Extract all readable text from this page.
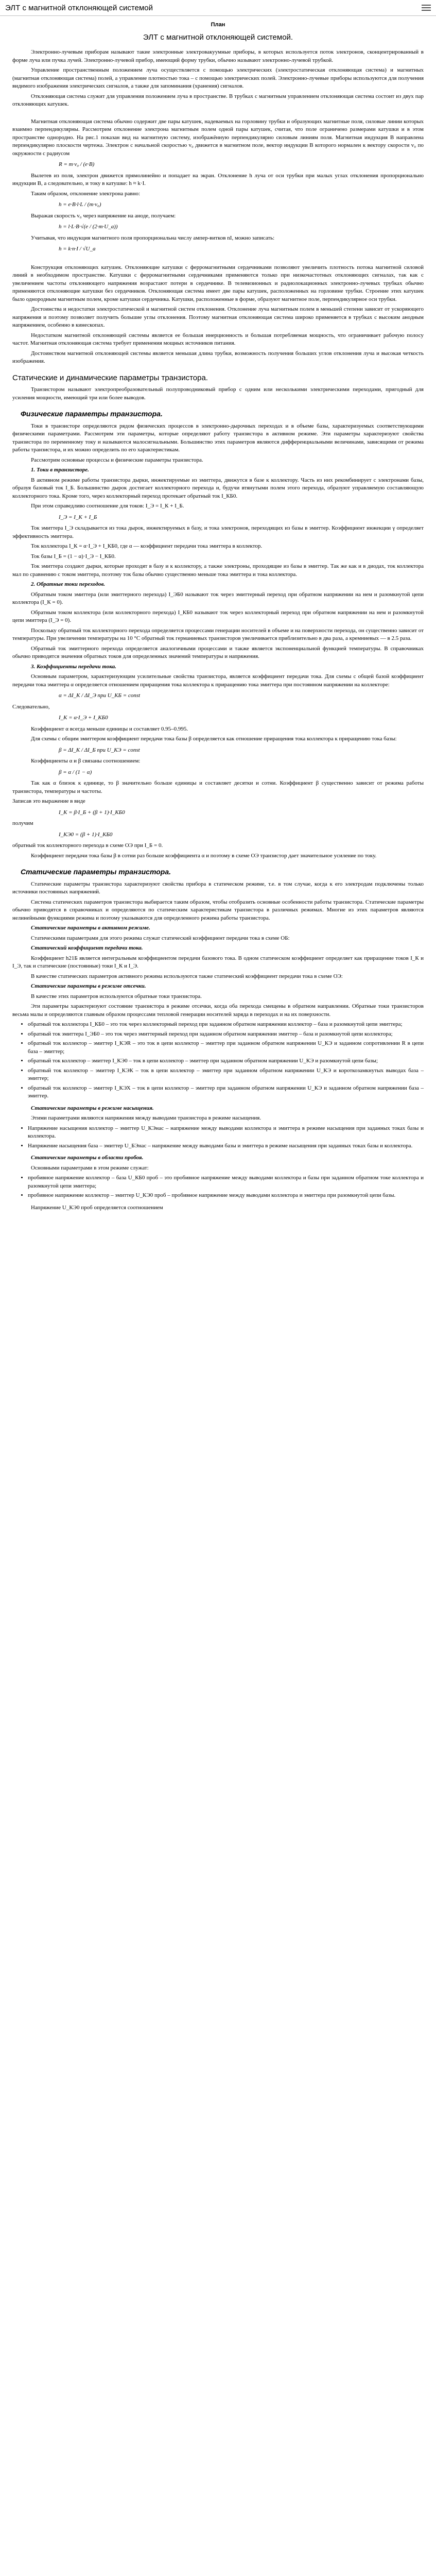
ЭЛТ с магнитной отклоняющей системой
План
ЭЛТ с магнитной отклоняющей системой.

Электронно-лучевым приборам называют такие электронные электровакуумные приборы, в которых используется поток электронов, сконцентрированный в форме луча или пучка лучей. Электронно-лучевой прибор, имеющий форму трубки, обычно называют электронно-лучевой трубкой.

Управление пространственным положением луча осуществляется с помощью электрических (электростатическая отклоняющая система) и магнитных (магнитная отклоняющая система) полей, а управление плотностью тока – с помощью электрических полей. Электронно-лучевые приборы используются для получения видимого изображения электрических сигналов, а также для запоминания (хранения) сигналов.

Отклоняющая система служит для управления положением луча в пространстве. В трубках с магнитным управлением отклоняющая система состоит из двух пар отклоняющих катушек.

Магнитная отклоняющая система обычно содержит две пары катушек, надеваемых на горловину трубки и образующих магнитные поля, силовые линии которых взаимно перпендикулярны. Рассмотрим отклонение электрона магнитным полем одной пары катушек, считая, что поле ограничено размерами катушки и в этом пространстве однородно. На рис.1 показан вид на магнитную систему, изображённую перпендикулярно силовым линиям поля. Магнитная индукция В направлена перпендикулярно плоскости чертежа. Электрон с начальной скоростью v₀ движется в магнитном поле, вектор индукции В которого нормален к вектору скорости v₀ по окружности с радиусом

R = m·v₀ / (e·B)

Вылетев из поля, электрон движется прямолинейно и попадает на экран. Отклонение h луча от оси трубки при малых углах отклонения пропорционально индукции В, а следовательно, и току в катушке: h ≈ k·I.

Таким образом, отклонение электрона равно:

h = e·B·l·L / (m·v₀)

Выражая скорость v₀ через напряжение на аноде, получаем:

h = l·L·B·√(e / (2·m·U_a))

Учитывая, что индукция магнитного поля пропорциональна числу ампер-витков nI, можно записать:

h = k·n·I / √U_a

Конструкция отклоняющих катушек. Отклоняющие катушки с ферромагнитными сердечниками позволяют увеличить плотность потока магнитной силовой линий в необходимом пространстве. Катушки с ферромагнитными сердечниками применяются только при низкочастотных отклоняющих сигналах, так как с увеличением частоты отклоняющего напряжения возрастают потери в сердечнике. В телевизионных и радиолокационных электронно-лучевых трубках обычно применяются отклоняющие катушки без сердечников. Отклоняющая система имеет две пары катушек, расположенных на горловине трубки. Строение этих катушек было однородным магнитным полем, кроме катушки сердечника. Катушки, расположенные в форме, образуют магнитное поле, перпендикулярное оси трубки.

Достоинства и недостатки электростатической и магнитной систем отклонения. Отклонение луча магнитным полем в меньшей степени зависит от ускоряющего напряжения и поэтому позволяет получить большие углы отклонения. Поэтому магнитная отклоняющая система широко применяется в трубках с высоким анодным напряжением, особенно в кинескопах.

Недостатком магнитной отклоняющей системы является ее большая инерционность и большая потребляемая мощность, что ограничивает рабочую полосу частот. Магнитная отклоняющая система требует применения мощных источников питания.

Достоинством магнитной отклоняющей системы является меньшая длина трубки, возможность получения больших углов отклонения луча и высокая четкость изображения.

Статические и динамические параметры транзистора.

Транзистором называют электропреобразовательный полупроводниковый прибор с одним или несколькими электрическими переходами, пригодный для усиления мощности, имеющий три или более выводов.

Физические параметры транзистора.

Токи в транзисторе определяются рядом физических процессов в электронно-дырочных переходах и в объеме базы, характеризуемых соответствующими физическими параметрами. Рассмотрим эти параметры, которые определяют работу транзистора в активном режиме. Эти параметры характеризуют свойства транзистора по переменному току и называются малосигнальными. Большинство этих параметров являются дифференциальными величинами, зависящими от режима работы транзистора, и их можно определить по его характеристикам.

Рассмотрим основные процессы и физические параметры транзистора.

1. Токи в транзисторе.

В активном режиме работы транзистора дырки, инжектируемые из эмиттера, движутся в базе к коллектору. Часть из них рекомбинирует с электронами базы, образуя базовый ток I_Б. Большинство дырок достигает коллекторного перехода и, будучи втянутыми полем этого перехода, образуют управляемую составляющую коллекторного тока. Кроме того, через коллекторный переход протекает обратный ток I_КБ0.

При этом справедливо соотношение для токов: I_Э = I_К + I_Б.

I_Э = I_К + I_Б

Ток эмиттера I_Э складывается из тока дырок, инжектируемых в базу, и тока электронов, переходящих из базы в эмиттер. Коэффициент инжекции γ определяет эффективность эмиттера.

Ток коллектора I_К = α·I_Э + I_КБ0, где α — коэффициент передачи тока эмиттера в коллектор.

Ток базы I_Б = (1 − α)·I_Э − I_КБ0.

Ток эмиттера создают дырки, которые проходят в базу и к коллектору, а также электроны, проходящие из базы в эмиттер. Так же как и в диодах, ток коллектора мал по сравнению с током эмиттера, поэтому ток базы обычно существенно меньше тока эмиттера и тока коллектора.

2. Обратные токи переходов.

Обратным током эмиттера (или эмиттерного перехода) I_ЭБ0 называют ток через эмиттерный переход при обратном напряжении на нем и разомкнутой цепи коллектора (I_К = 0).

Обратным током коллектора (или коллекторного перехода) I_КБ0 называют ток через коллекторный переход при обратном напряжении на нем и разомкнутой цепи эмиттера (I_Э = 0).

Поскольку обратный ток коллекторного перехода определяется процессами генерации носителей в объеме и на поверхности перехода, он существенно зависит от температуры. При увеличении температуры на 10 °C обратный ток германиевых транзисторов увеличивается приблизительно в два раза, а кремниевых — в 2.5 раза.

Обратный ток эмиттерного перехода определяется аналогичными процессами и также является экспоненциальной функцией температуры. В справочниках обычно приводятся значения обратных токов для определенных значений температуры и напряжения.

3. Коэффициенты передачи тока.

Основным параметром, характеризующим усилительные свойства транзистора, является коэффициент передачи тока. Для схемы с общей базой коэффициент передачи тока эмиттера α определяется отношением приращения тока коллектора к приращению тока эмиттера при постоянном напряжении на коллекторе:

α = ΔI_К / ΔI_Э при U_КБ = const

Следовательно,

I_К = α·I_Э + I_КБ0

Коэффициент α всегда меньше единицы и составляет 0.95–0.995.

Для схемы с общим эмиттером коэффициент передачи тока базы β определяется как отношение приращения тока коллектора к приращению тока базы:

β = ΔI_К / ΔI_Б при U_КЭ = const

Коэффициенты α и β связаны соотношением:

β = α / (1 − α)

Так как α близок к единице, то β значительно больше единицы и составляет десятки и сотни. Коэффициент β существенно зависит от режима работы транзистора, температуры и частоты.

Записав это выражение в виде

I_К = β·I_Б + (β + 1)·I_КБ0

получим

I_КЭ0 = (β + 1)·I_КБ0

обратный ток коллекторного перехода в схеме ОЭ при I_Б = 0.

Коэффициент передачи тока базы β в сотни раз больше коэффициента α и поэтому в схеме ОЭ транзистор дает значительное усиление по току.

Статические параметры транзистора.

Статические параметры транзистора характеризуют свойства прибора в статическом режиме, т.е. в том случае, когда к его электродам подключены только источники постоянных напряжений.

Система статических параметров транзистора выбирается таким образом, чтобы отобразить основные особенности работы транзистора. Статические параметры обычно приводятся в справочниках и определяются по статическим характеристикам транзистора в различных режимах. Многие из этих параметров являются нелинейными функциями режима и поэтому указываются для определенного режима работы транзистора.

Статические параметры в активном режиме.

Статическими параметрами для этого режима служат статический коэффициент передачи тока в схеме ОБ:

Статический коэффициент передачи тока.

Коэффициент h21Б является интегральным коэффициентом передачи базового тока. В одном статическом коэффициент определяет как приращение токов I_К и I_Э, так и статические (постоянные) токи I_К и I_Э.

В качестве статических параметров активного режима используются также статический коэффициент передачи тока в схеме ОЭ:

Статические параметры в режиме отсечки.

В качестве этих параметров используются обратные токи транзистора.

Эти параметры характеризуют состояние транзистора в режиме отсечки, когда оба перехода смещены в обратном направлении. Обратные токи транзисторов весьма малы и определяются главным образом процессами тепловой генерации носителей заряда в переходах и на их поверхности.

• обратный ток коллектора I_КБ0 – это ток через коллекторный переход при заданном обратном напряжении коллектор – база и разомкнутой цепи эмиттера;
• обратный ток эмиттера I_ЭБ0 – это ток через эмиттерный переход при заданном обратном напряжении эмиттер – база и разомкнутой цепи коллектора;
• обратный ток коллектор – эмиттер I_КЭR – это ток в цепи коллектор – эмиттер при заданном обратном напряжении U_КЭ и заданном сопротивлении R в цепи база – эмиттер;
• обратный ток коллектор – эмиттер I_КЭ0 – ток в цепи коллектор – эмиттер при заданном обратном напряжении U_КЭ и разомкнутой цепи базы;
• обратный ток коллектор – эмиттер I_КЭК – ток в цепи коллектор – эмиттер при заданном обратном напряжении U_КЭ и короткозамкнутых выводах база – эмиттер;
• обратный ток коллектор – эмиттер I_КЭХ – ток в цепи коллектор – эмиттер при заданном обратном напряжении U_КЭ и заданном обратном напряжении база – эмиттер.

Статические параметры в режиме насыщения.

Этими параметрами являются напряжения между выводами транзистора в режиме насыщения.

• Напряжение насыщения коллектор – эмиттер U_КЭнас – напряжение между выводами коллектора и эмиттера в режиме насыщения при заданных токах базы и коллектора.
• Напряжение насыщения база – эмиттер U_БЭнас – напряжение между выводами базы и эмиттера в режиме насыщения при заданных токах базы и коллектора.

Статические параметры в области пробоя.

Основными параметрами в этом режиме служат:

• пробивное напряжение коллектор – база U_КБ0 проб – это пробивное напряжение между выводами коллектора и базы при заданном обратном токе коллектора и разомкнутой цепи эмиттера;
• пробивное напряжение коллектор – эмиттер U_КЭ0 проб – пробивное напряжение между выводами коллектора и эмиттера при разомкнутой цепи базы.

Напряжение U_КЭ0 проб определяется соотношением
